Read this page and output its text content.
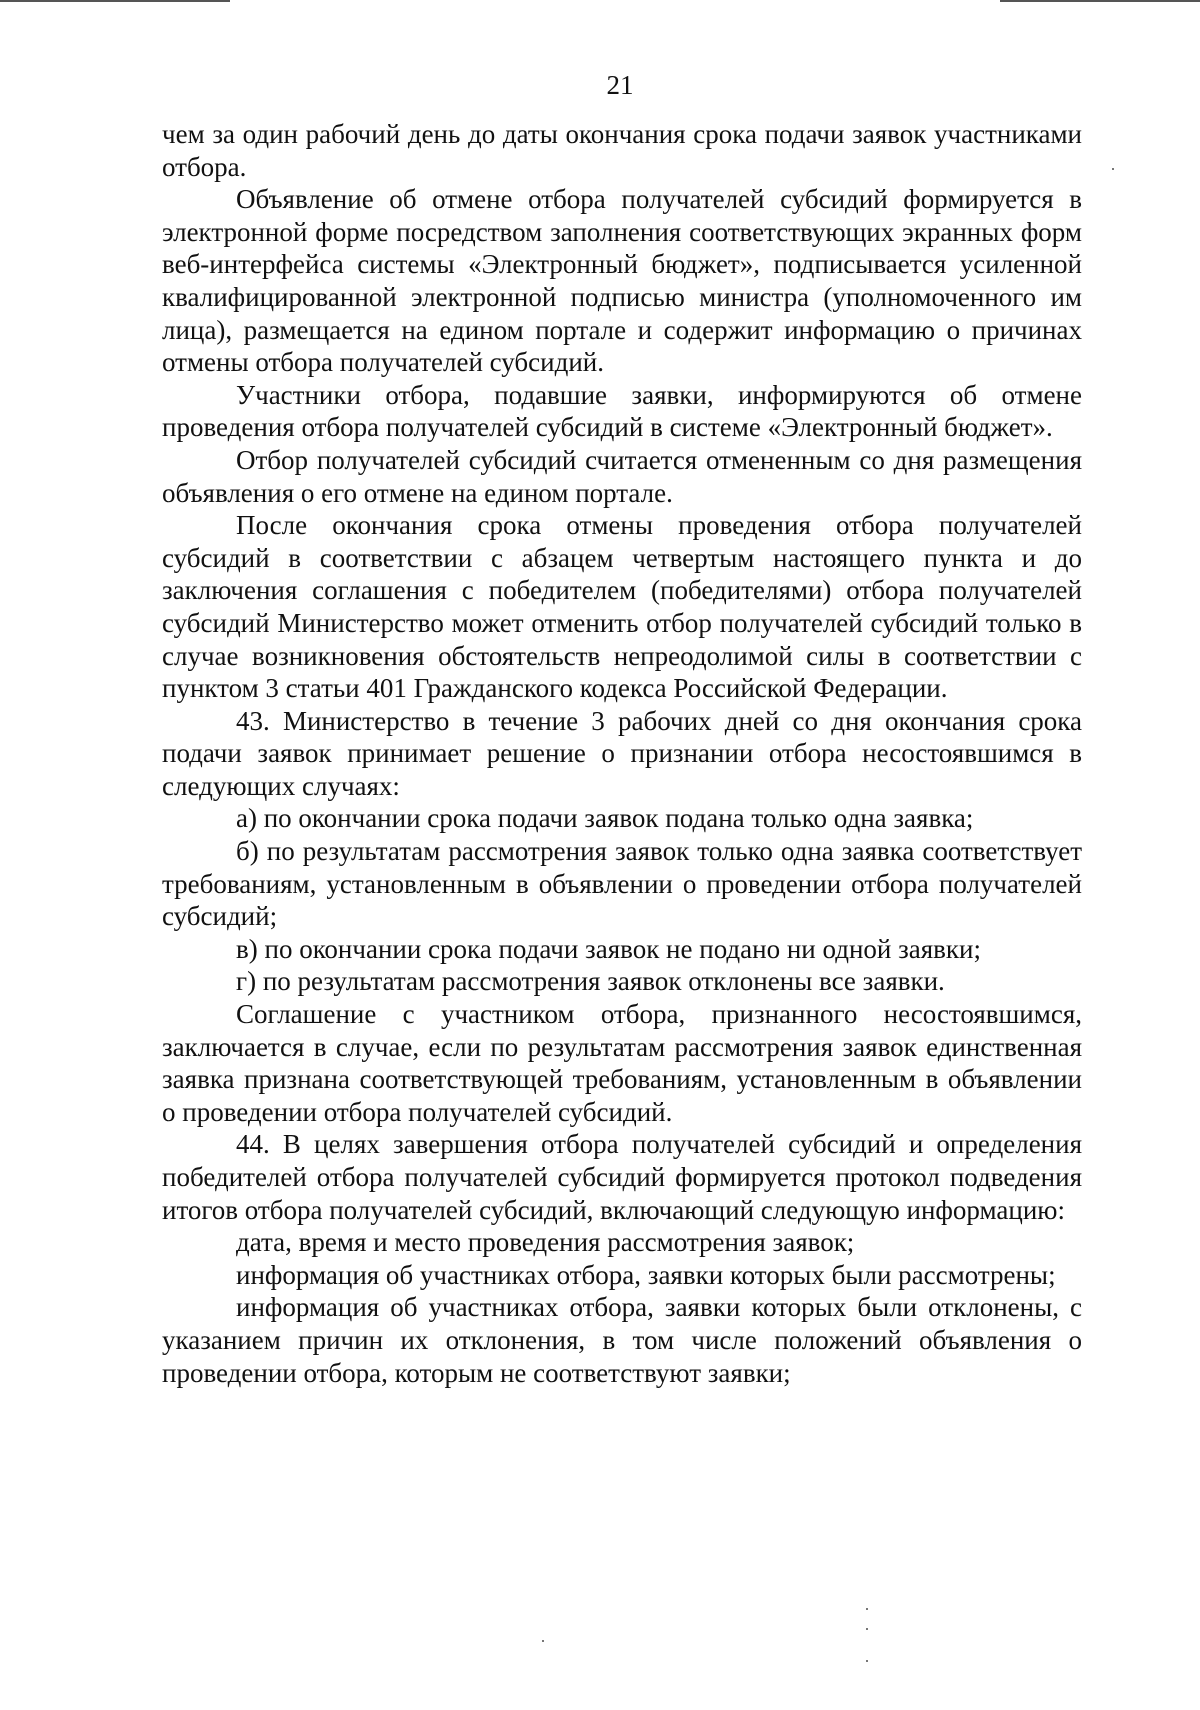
21

чем за один рабочий день до даты окончания срока подачи заявок участниками отбора.

Объявление об отмене отбора получателей субсидий формируется в электронной форме посредством заполнения соответствующих экранных форм веб-интерфейса системы «Электронный бюджет», подписывается усиленной квалифицированной электронной подписью министра (уполномоченного им лица), размещается на едином портале и содержит информацию о причинах отмены отбора получателей субсидий.

Участники отбора, подавшие заявки, информируются об отмене проведения отбора получателей субсидий в системе «Электронный бюджет».

Отбор получателей субсидий считается отмененным со дня размещения объявления о его отмене на едином портале.

После окончания срока отмены проведения отбора получателей субсидий в соответствии с абзацем четвертым настоящего пункта и до заключения соглашения с победителем (победителями) отбора получателей субсидий Министерство может отменить отбор получателей субсидий только в случае возникновения обстоятельств непреодолимой силы в соответствии с пунктом 3 статьи 401 Гражданского кодекса Российской Федерации.

43. Министерство в течение 3 рабочих дней со дня окончания срока подачи заявок принимает решение о признании отбора несостоявшимся в следующих случаях:

а) по окончании срока подачи заявок подана только одна заявка;

б) по результатам рассмотрения заявок только одна заявка соответствует требованиям, установленным в объявлении о проведении отбора получателей субсидий;

в) по окончании срока подачи заявок не подано ни одной заявки;

г) по результатам рассмотрения заявок отклонены все заявки.

Соглашение с участником отбора, признанного несостоявшимся, заключается в случае, если по результатам рассмотрения заявок единственная заявка признана соответствующей требованиям, установленным в объявлении о проведении отбора получателей субсидий.

44. В целях завершения отбора получателей субсидий и определения победителей отбора получателей субсидий формируется протокол подведения итогов отбора получателей субсидий, включающий следующую информацию:

дата, время и место проведения рассмотрения заявок;

информация об участниках отбора, заявки которых были рассмотрены;

информация об участниках отбора, заявки которых были отклонены, с указанием причин их отклонения, в том числе положений объявления о проведении отбора, которым не соответствуют заявки;
